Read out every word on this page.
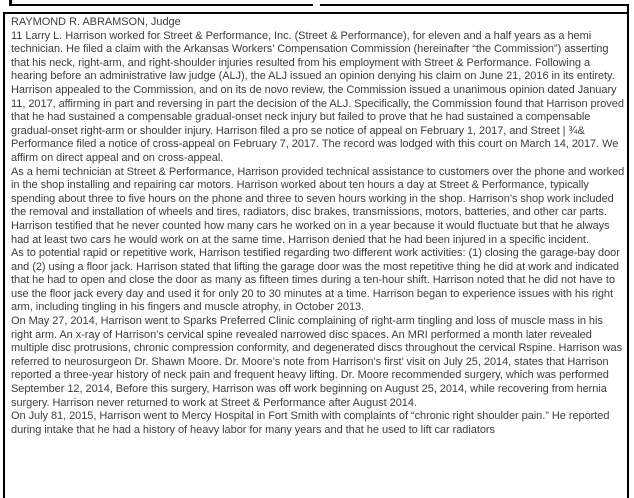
RAYMOND R. ABRAMSON, Judge

11 Larry L. Harrison worked for Street & Performance, Inc. (Street & Performance), for eleven and a half years as a hemi technician. He filed a claim with the Arkansas Workers’ Compensation Commission (hereinafter “the Commission”) asserting that his neck, right-arm, and right-shoulder injuries resulted from his employment with Street & Performance. Following a hearing before an administrative law judge (ALJ), the ALJ issued an opinion denying his claim on June 21, 2016 in its entirety. Harrison appealed to the Commission, and on its de novo review, the Commission issued a unanimous opinion dated January 11, 2017, affirming in part and reversing in part the decision of the ALJ. Specifically, the Commission found that Harrison proved that he had sustained a compensable gradual-onset neck injury but failed to prove that he had sustained a compensable gradual-onset right-arm or shoulder injury. Harrison filed a pro se notice of appeal on February 1, 2017, and Street | ¾& Performance filed a notice of cross-appeal on February 7, 2017. The record was lodged with this court on March 14, 2017. We affirm on direct appeal and on cross-appeal.

As a hemi technician at Street & Performance, Harrison provided technical assistance to customers over the phone and worked in the shop installing and repairing car motors. Harrison worked about ten hours a day at Street & Performance, typically spending about three to five hours on the phone and three to seven hours working in the shop. Harrison’s shop work included the removal and installation of wheels and tires, radiators, disc brakes, transmissions, motors, batteries, and other car parts. Harrison testified that he never counted how many cars he worked on in a year because it would fluctuate but that he always had at least two cars he would work on at the same time. Harrison denied that he had been injured in a specific incident.

As to potential rapid or repetitive work, Harrison testified regarding two different work activities: (1) closing the garage-bay door and (2) using a floor jack. Harrison stated that lifting the garage door was the most repetitive thing he did at work and indicated that he had to open and close the door as many as fifteen times during a ten-hour shift. Harrison noted that he did not have to use the floor jack every day and used it for only 20 to 30 minutes at a time. Harrison began to experience issues with his right arm, including tingling in his fingers and muscle atrophy, in October 2013.

On May 27, 2014, Harrison went to Sparks Preferred Clinic complaining of right-arm tingling and loss of muscle mass in his right arm. An x-ray of Harrison’s cervical spine revealed narrowed disc spaces. An MRI performed a month later revealed multiple disc protrusions, chronic compression conformity, and degenerated discs throughout the cervical Rspine. Harrison was referred to neurosurgeon Dr. Shawn Moore. Dr. Moore’s note from Harrison’s first’ visit on July 25, 2014, states that Harrison reported a three-year history of neck pain and frequent heavy lifting. Dr. Moore recommended surgery, which was performed September 12, 2014, Before this surgery, Harrison was off work beginning on August 25, 2014, while recovering from hernia surgery. Harrison never returned to work at Street & Performance after August 2014.

On July 81, 2015, Harrison went to Mercy Hospital in Fort Smith with complaints of “chronic right shoulder pain.” He reported during intake that he had a history of heavy labor for many years and that he used to lift car radiators
